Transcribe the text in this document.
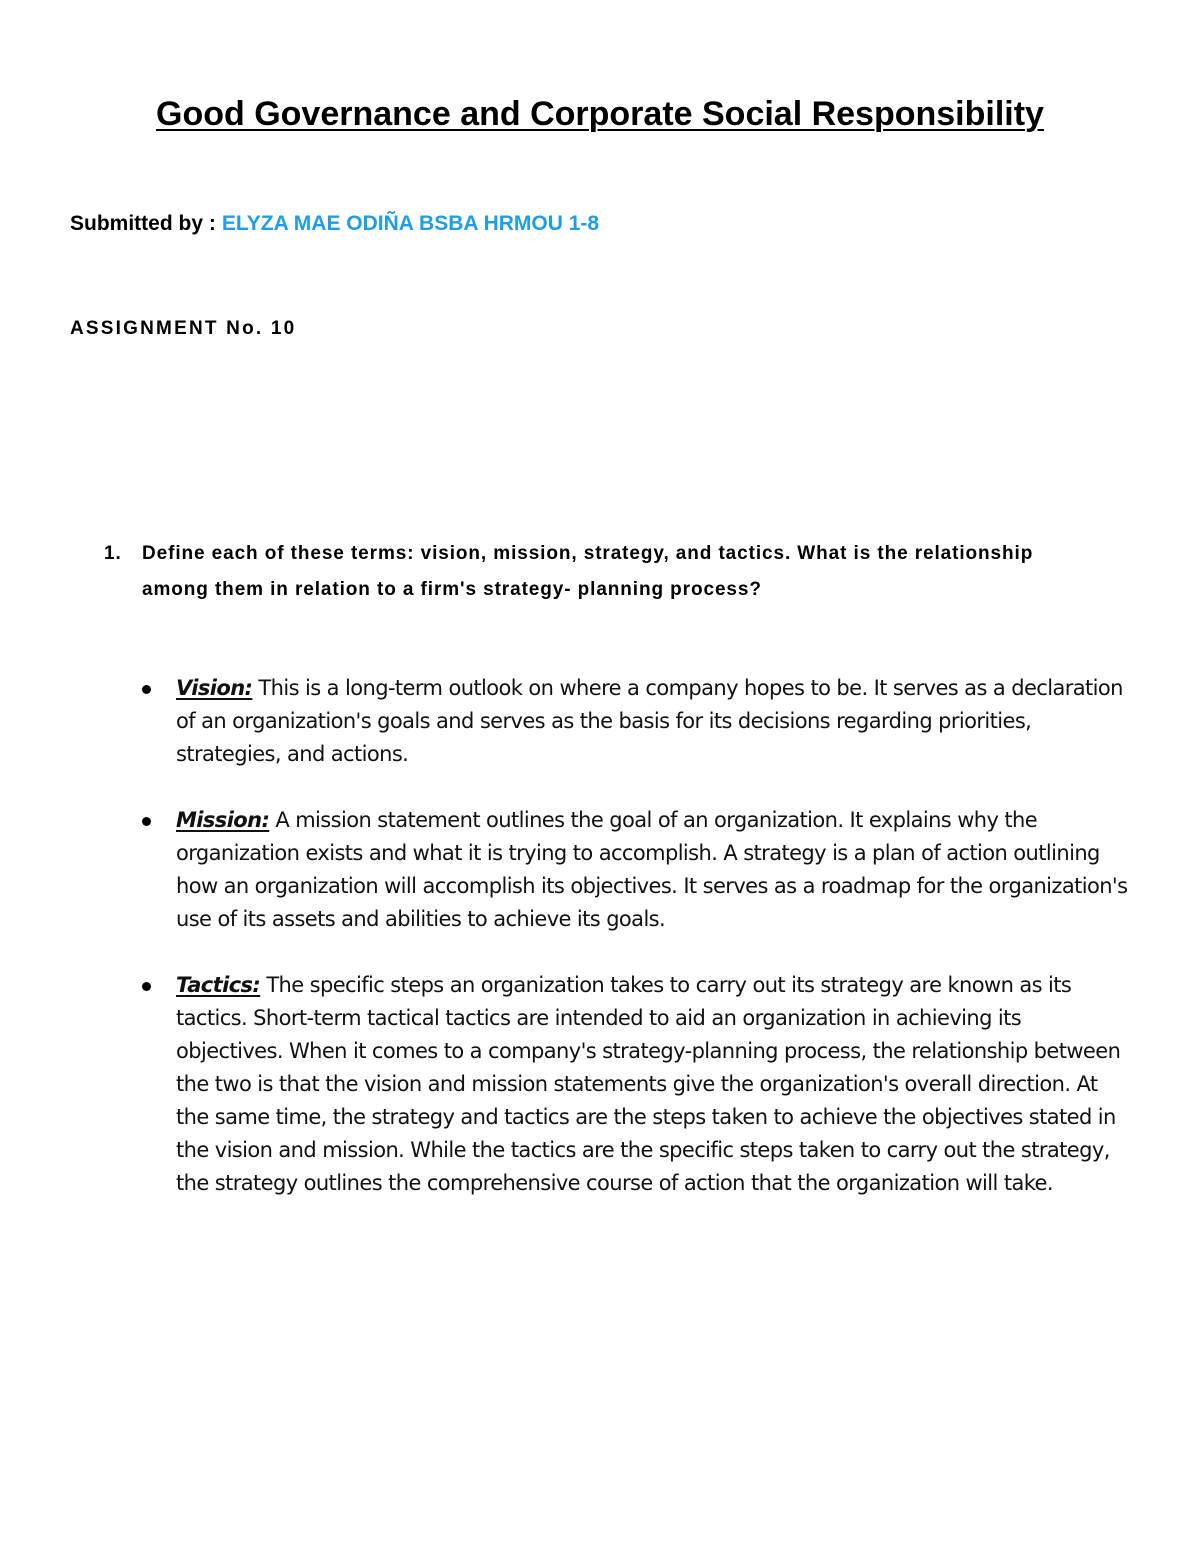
Good Governance and Corporate Social Responsibility
Submitted by : ELYZA MAE ODIÑA BSBA HRMOU 1-8
ASSIGNMENT No. 10
1. Define each of these terms: vision, mission, strategy, and tactics. What is the relationship among them in relation to a firm's strategy- planning process?
Vision: This is a long-term outlook on where a company hopes to be. It serves as a declaration of an organization's goals and serves as the basis for its decisions regarding priorities, strategies, and actions.
Mission: A mission statement outlines the goal of an organization. It explains why the organization exists and what it is trying to accomplish. A strategy is a plan of action outlining how an organization will accomplish its objectives. It serves as a roadmap for the organization's use of its assets and abilities to achieve its goals.
Tactics: The specific steps an organization takes to carry out its strategy are known as its tactics. Short-term tactical tactics are intended to aid an organization in achieving its objectives. When it comes to a company's strategy-planning process, the relationship between the two is that the vision and mission statements give the organization's overall direction. At the same time, the strategy and tactics are the steps taken to achieve the objectives stated in the vision and mission. While the tactics are the specific steps taken to carry out the strategy, the strategy outlines the comprehensive course of action that the organization will take.
